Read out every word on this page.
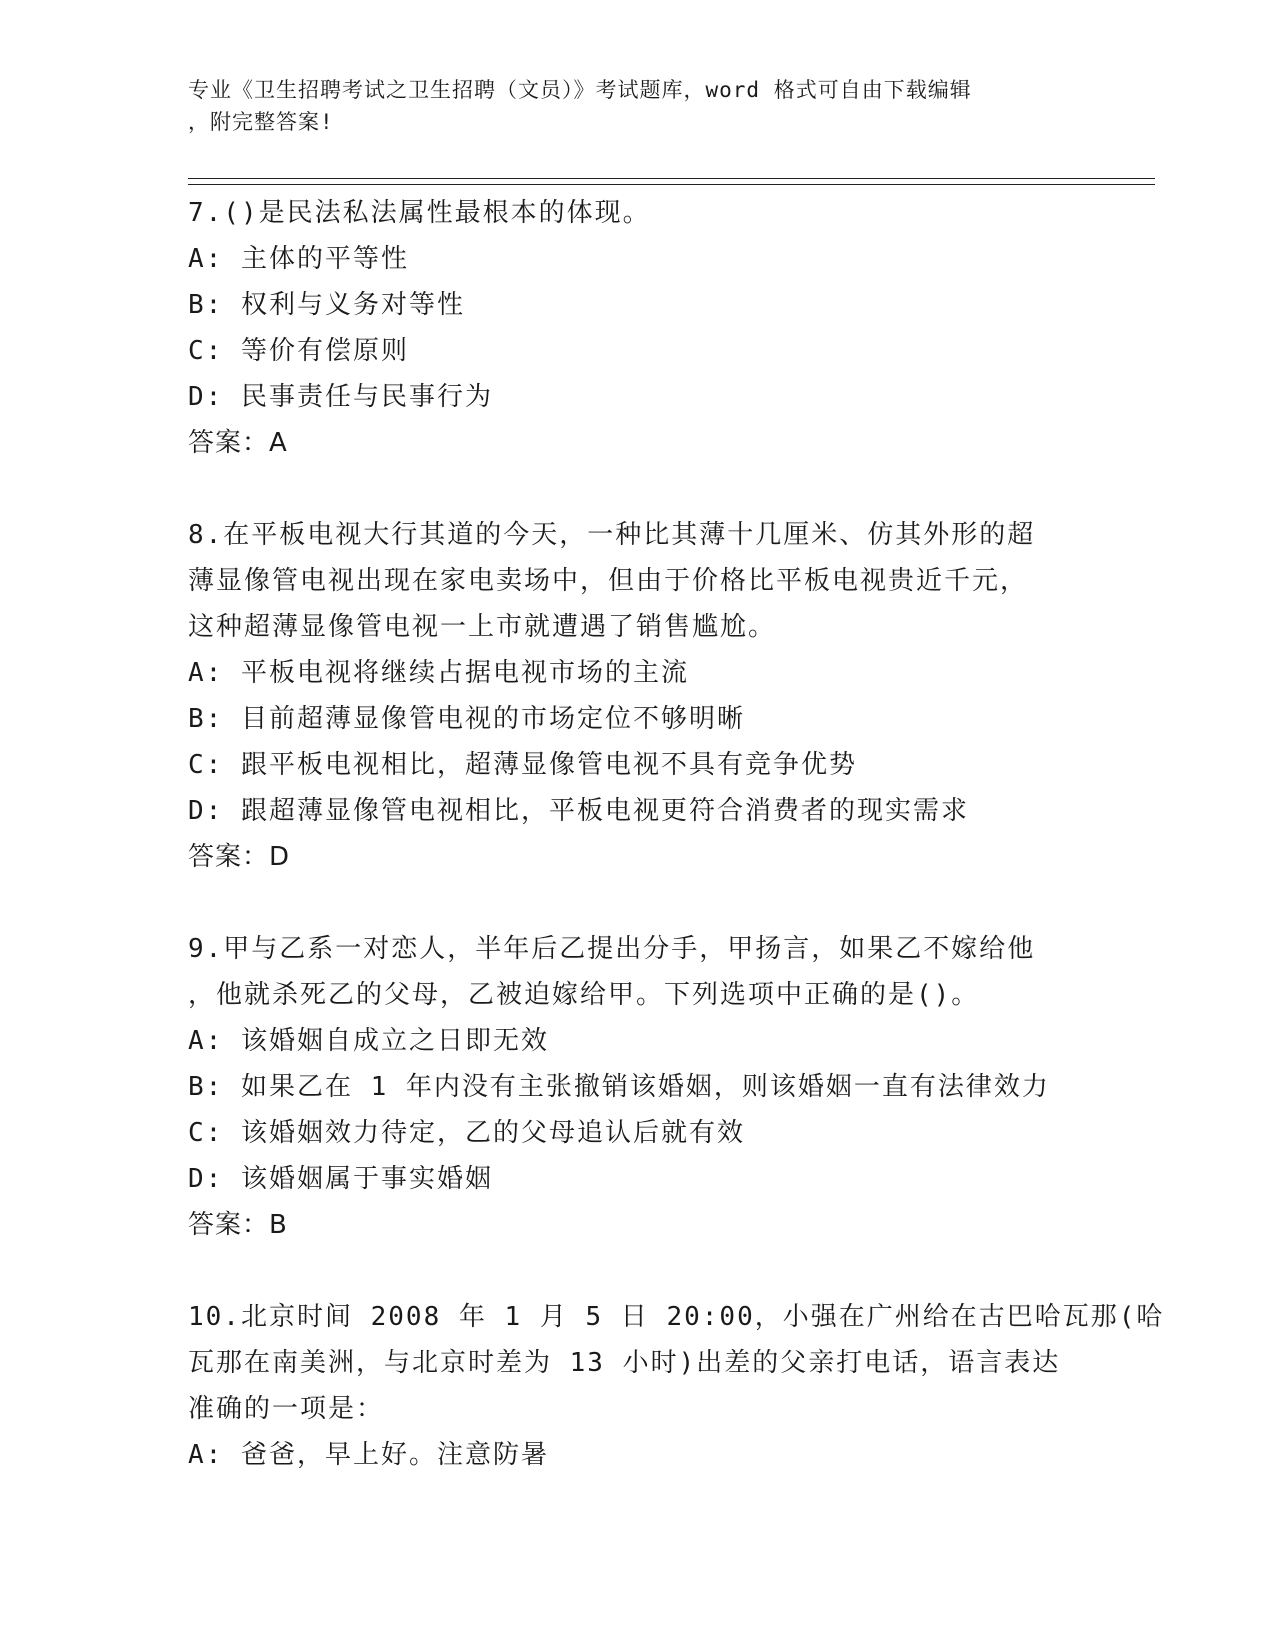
专业《卫生招聘考试之卫生招聘（文员）》考试题库，word 格式可自由下载编辑
，附完整答案!
7.()是民法私法属性最根本的体现。
A: 主体的平等性
B: 权利与义务对等性
C: 等价有偿原则
D: 民事责任与民事行为
答案：A
8.在平板电视大行其道的今天，一种比其薄十几厘米、仿其外形的超
薄显像管电视出现在家电卖场中，但由于价格比平板电视贵近千元，
这种超薄显像管电视一上市就遭遇了销售尴尬。
A: 平板电视将继续占据电视市场的主流
B: 目前超薄显像管电视的市场定位不够明晰
C: 跟平板电视相比，超薄显像管电视不具有竞争优势
D: 跟超薄显像管电视相比，平板电视更符合消费者的现实需求
答案：D
9.甲与乙系一对恋人，半年后乙提出分手，甲扬言，如果乙不嫁给他
，他就杀死乙的父母，乙被迫嫁给甲。下列选项中正确的是()。
A: 该婚姻自成立之日即无效
B: 如果乙在 1 年内没有主张撤销该婚姻，则该婚姻一直有法律效力
C: 该婚姻效力待定，乙的父母追认后就有效
D: 该婚姻属于事实婚姻
答案：B
10.北京时间 2008 年 1 月 5 日 20:00，小强在广州给在古巴哈瓦那(哈
瓦那在南美洲，与北京时差为 13 小时)出差的父亲打电话，语言表达
准确的一项是：
A: 爸爸，早上好。注意防暑
